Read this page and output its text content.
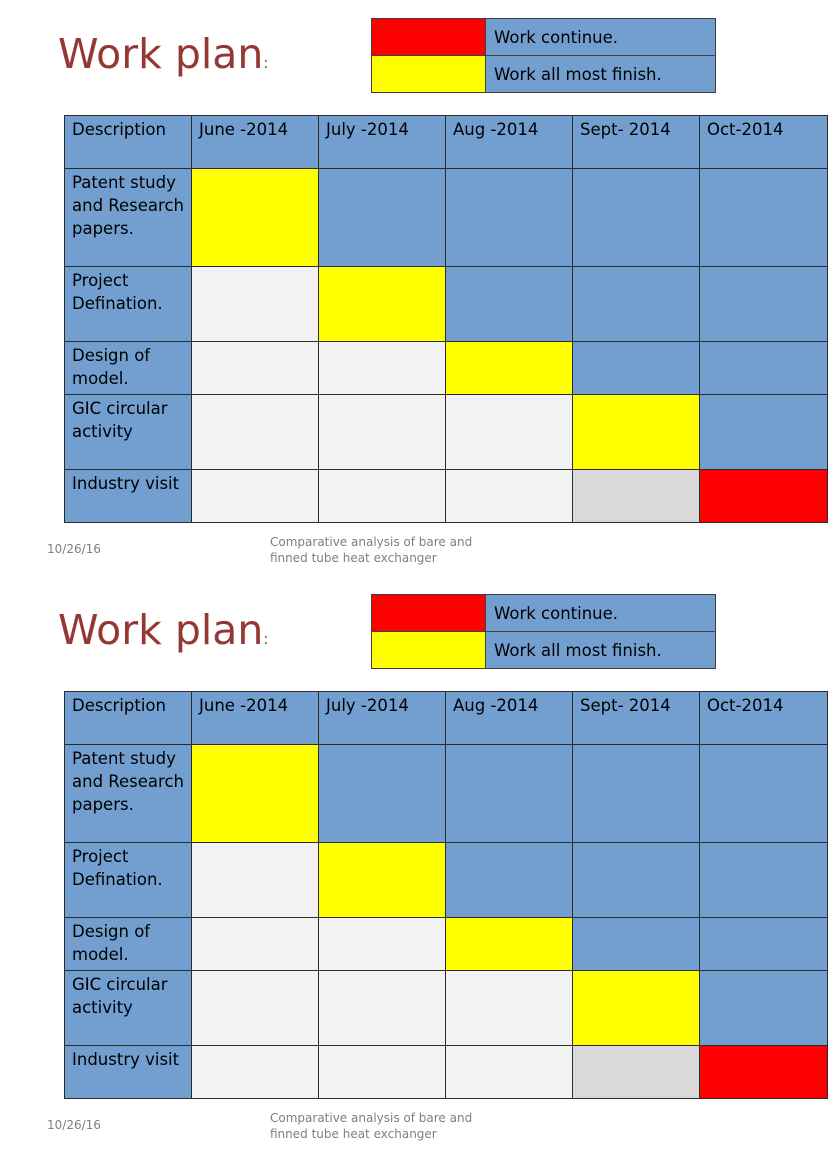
Work plan:
	Work continue.
	Work all most finish.
Description	June -2014	July -2014	Aug -2014	Sept- 2014	Oct-2014
Patent study and Research papers.					
Project Defination.					
Design of model.					
GIC circular activity					
Industry visit					
10/26/16	Comparative analysis of bare and finned tube heat exchanger
Work plan:
	Work continue.
	Work all most finish.
Description	June -2014	July -2014	Aug -2014	Sept- 2014	Oct-2014
Patent study and Research papers.					
Project Defination.					
Design of model.					
GIC circular activity					
Industry visit					
10/26/16	Comparative analysis of bare and finned tube heat exchanger
